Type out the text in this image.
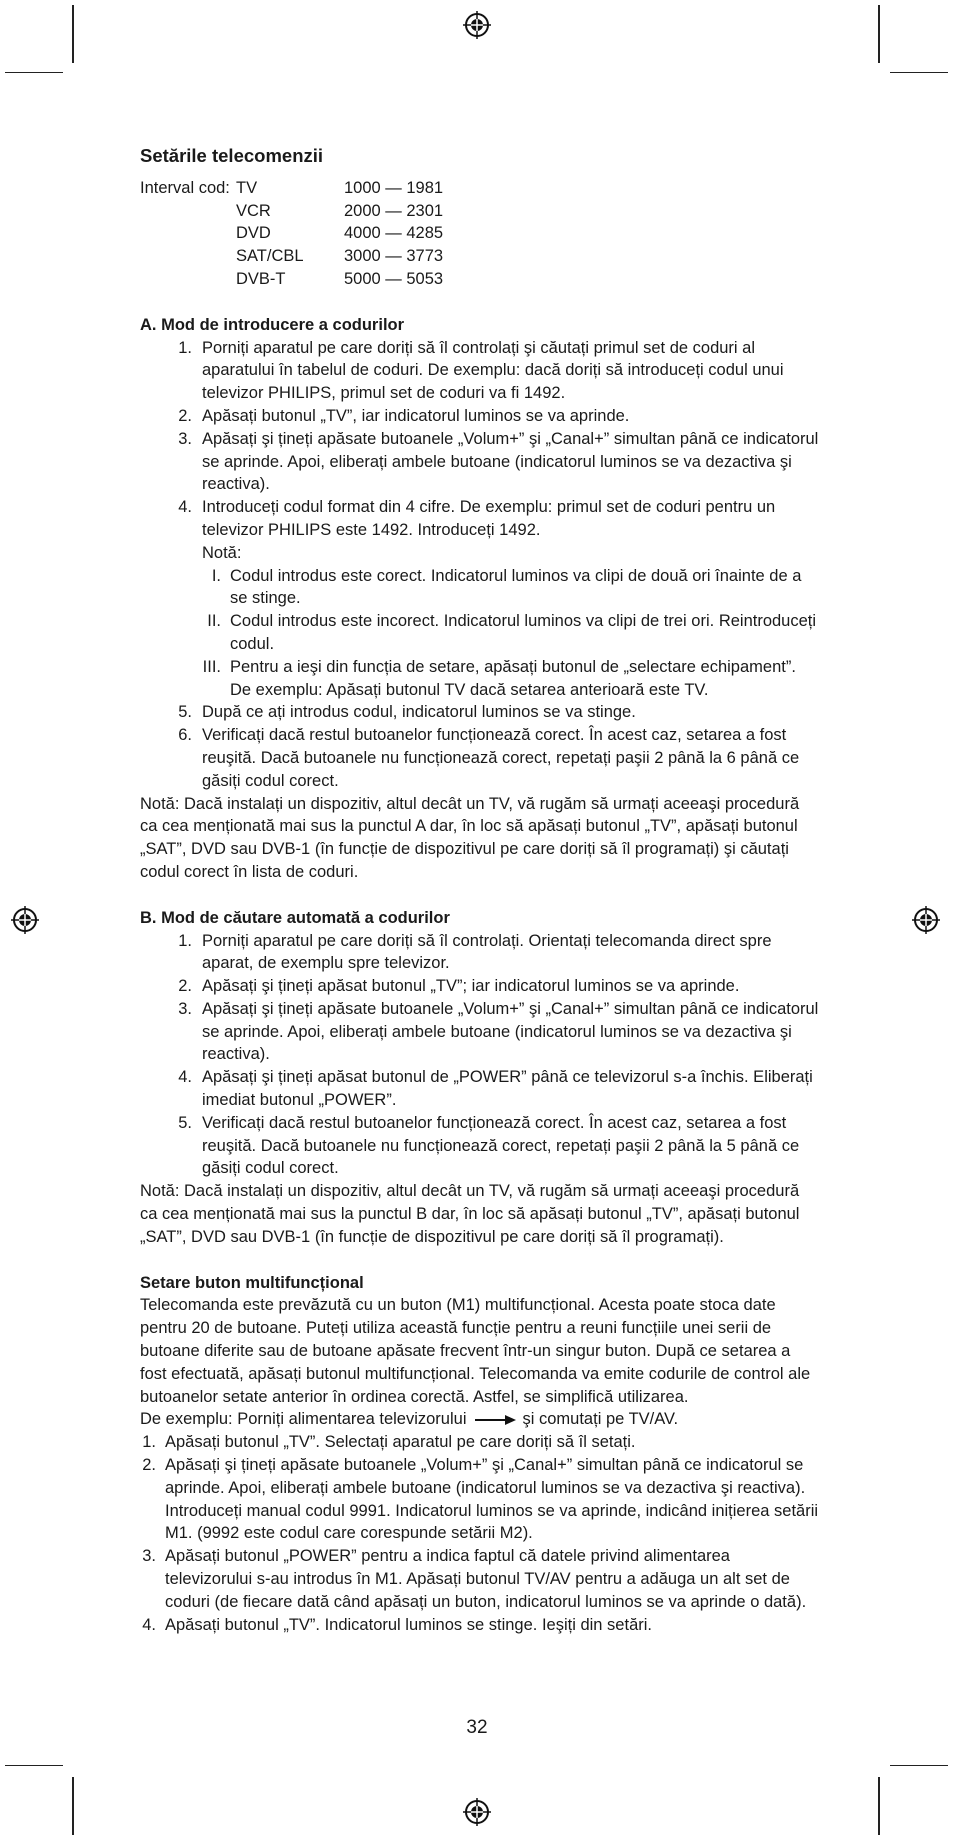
Setările telecomenzii
Interval cod: TV	1000 — 1981
VCR	2000 — 2301
DVD	4000 — 4285
SAT/CBL	3000 — 3773
DVB-T	5000 — 5053
A. Mod de introducere a codurilor
1. Porniți aparatul pe care doriți să îl controlați şi căutați primul set de coduri al aparatului în tabelul de coduri. De exemplu: dacă doriți să introduceți codul unui televizor PHILIPS, primul set de coduri va fi 1492.
2. Apăsați butonul „TV”, iar indicatorul luminos se va aprinde.
3. Apăsați şi țineți apăsate butoanele „Volum+” şi „Canal+” simultan până ce indicatorul se aprinde. Apoi, eliberați ambele butoane (indicatorul luminos se va dezactiva şi reactiva).
4. Introduceți codul format din 4 cifre. De exemplu: primul set de coduri pentru un televizor PHILIPS este 1492. Introduceți 1492.
Notă:
I. Codul introdus este corect. Indicatorul luminos va clipi de două ori înainte de a se stinge.
II. Codul introdus este incorect. Indicatorul luminos va clipi de trei ori. Reintroduceți codul.
III. Pentru a ieşi din funcția de setare, apăsați butonul de „selectare echipament”. De exemplu: Apăsați butonul TV dacă setarea anterioară este TV.
5. După ce ați introdus codul, indicatorul luminos se va stinge.
6. Verificați dacă restul butoanelor funcționează corect. În acest caz, setarea a fost reuşită. Dacă butoanele nu funcționează corect, repetați paşii 2 până la 6 până ce găsiți codul corect.
Notă: Dacă instalați un dispozitiv, altul decât un TV, vă rugăm să urmați aceeaşi procedură ca cea menționată mai sus la punctul A dar, în loc să apăsați butonul „TV”, apăsați butonul „SAT”, DVD sau DVB-1 (în funcție de dispozitivul pe care doriți să îl programați) şi căutați codul corect în lista de coduri.
B. Mod de căutare automată a codurilor
1. Porniți aparatul pe care doriți să îl controlați. Orientați telecomanda direct spre aparat, de exemplu spre televizor.
2. Apăsați şi țineți apăsat butonul „TV”; iar indicatorul luminos se va aprinde.
3. Apăsați şi țineți apăsate butoanele „Volum+” şi „Canal+” simultan până ce indicatorul se aprinde. Apoi, eliberați ambele butoane (indicatorul luminos se va dezactiva şi reactiva).
4. Apăsați şi țineți apăsat butonul de „POWER” până ce televizorul s-a închis. Eliberați imediat butonul „POWER”.
5. Verificați dacă restul butoanelor funcționează corect. În acest caz, setarea a fost reuşită. Dacă butoanele nu funcționează corect, repetați paşii 2 până la 5 până ce găsiți codul corect.
Notă: Dacă instalați un dispozitiv, altul decât un TV, vă rugăm să urmați aceeaşi procedură ca cea menționată mai sus la punctul B dar, în loc să apăsați butonul „TV”, apăsați butonul „SAT”, DVD sau DVB-1 (în funcție de dispozitivul pe care doriți să îl programați).
Setare buton multifuncțional
Telecomanda este prevăzută cu un buton (M1) multifuncțional. Acesta poate stoca date pentru 20 de butoane. Puteți utiliza această funcție pentru a reuni funcțiile unei serii de butoane diferite sau de butoane apăsate frecvent într-un singur buton. După ce setarea a fost efectuată, apăsați butonul multifuncțional. Telecomanda va emite codurile de control ale butoanelor setate anterior în ordinea corectă. Astfel, se simplifică utilizarea.
De exemplu: Porniți alimentarea televizorului	şi comutați pe TV/AV.
1. Apăsați butonul „TV”. Selectați aparatul pe care doriți să îl setați.
2. Apăsați şi țineți apăsate butoanele „Volum+” şi „Canal+” simultan până ce indicatorul se aprinde. Apoi, eliberați ambele butoane (indicatorul luminos se va dezactiva şi reactiva).
Introduceți manual codul 9991. Indicatorul luminos se va aprinde, indicând inițierea setării M1. (9992 este codul care corespunde setării M2).
3. Apăsați butonul „POWER” pentru a indica faptul că datele privind alimentarea televizorului s-au introdus în M1. Apăsați butonul TV/AV pentru a adăuga un alt set de coduri (de fiecare dată când apăsați un buton, indicatorul luminos se va aprinde o dată).
4. Apăsați butonul „TV”. Indicatorul luminos se stinge. Ieşiți din setări.
32
